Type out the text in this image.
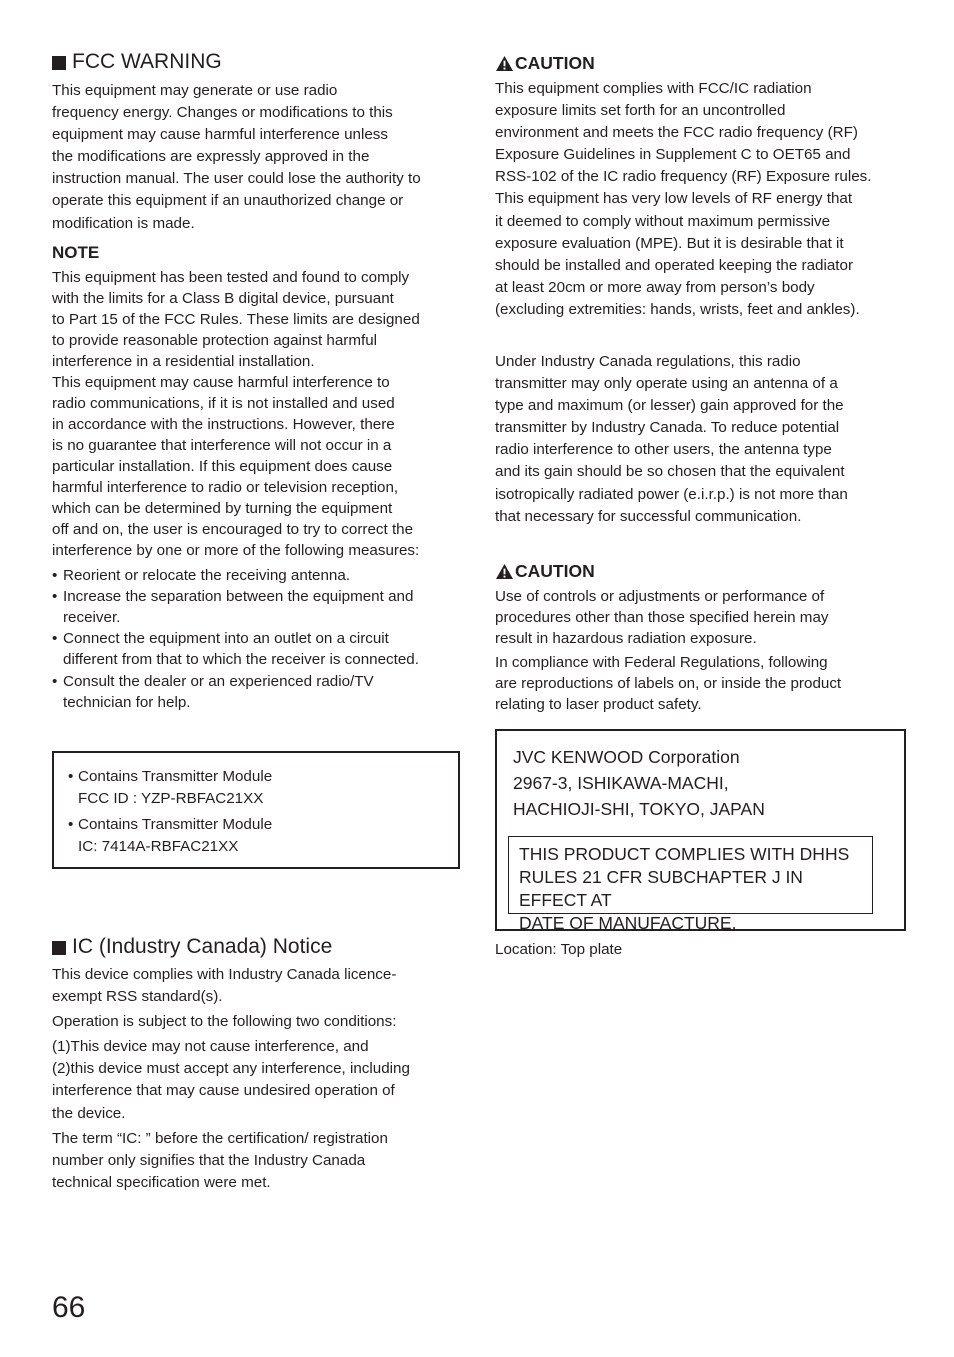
FCC WARNING

This equipment may generate or use radio

frequency energy. Changes or modifications to this

equipment may cause harmful interference unless

the modifications are expressly approved in the

instruction manual. The user could lose the authority to

operate this equipment if an unauthorized change or

modification is made.

NOTE

This equipment has been tested and found to comply

with the limits for a Class B digital device, pursuant

to Part 15 of the FCC Rules. These limits are designed

to provide reasonable protection against harmful

interference in a residential installation.

This equipment may cause harmful interference to

radio communications, if it is not installed and used

in accordance with the instructions. However, there

is no guarantee that interference will not occur in a

particular installation. If this equipment does cause

harmful interference to radio or television reception,

which can be determined by turning the equipment

off and on, the user is encouraged to try to correct the

interference by one or more of the following measures:

• Reorient or relocate the receiving antenna.
• Increase the separation between the equipment and
receiver.
• Connect the equipment into an outlet on a circuit
different from that to which the receiver is connected.
• Consult the dealer or an experienced radio/TV
technician for help.
• Contains Transmitter Module
FCC ID : YZP-RBFAC21XX
• Contains Transmitter Module
IC: 7414A-RBFAC21XX
IC (Industry Canada) Notice

This device complies with Industry Canada licence-

exempt RSS standard(s).

Operation is subject to the following two conditions:

(1)This device may not cause interference, and

(2)this device must accept any interference, including

interference that may cause undesired operation of

the device.

The term “IC: ” before the certification/ registration

number only signifies that the Industry Canada

technical specification were met.

CAUTION

This equipment complies with FCC/IC radiation

exposure limits set forth for an uncontrolled

environment and meets the FCC radio frequency (RF)

Exposure Guidelines in Supplement C to OET65 and

RSS-102 of the IC radio frequency (RF) Exposure rules.

This equipment has very low levels of RF energy that

it deemed to comply without maximum permissive

exposure evaluation (MPE). But it is desirable that it

should be installed and operated keeping the radiator

at least 20cm or more away from person’s body

(excluding extremities: hands, wrists, feet and ankles).

Under Industry Canada regulations, this radio

transmitter may only operate using an antenna of a

type and maximum (or lesser) gain approved for the

transmitter by Industry Canada. To reduce potential

radio interference to other users, the antenna type

and its gain should be so chosen that the equivalent

isotropically radiated power (e.i.r.p.) is not more than

that necessary for successful communication.

CAUTION

Use of controls or adjustments or performance of

procedures other than those specified herein may

result in hazardous radiation exposure.

In compliance with Federal Regulations, following

are reproductions of labels on, or inside the product

relating to laser product safety.

JVC KENWOOD Corporation
2967-3, ISHIKAWA-MACHI,
HACHIOJI-SHI, TOKYO, JAPAN
THIS PRODUCT COMPLIES WITH DHHS
RULES 21 CFR SUBCHAPTER J IN EFFECT AT
DATE OF MANUFACTURE.
Location: Top plate
66
